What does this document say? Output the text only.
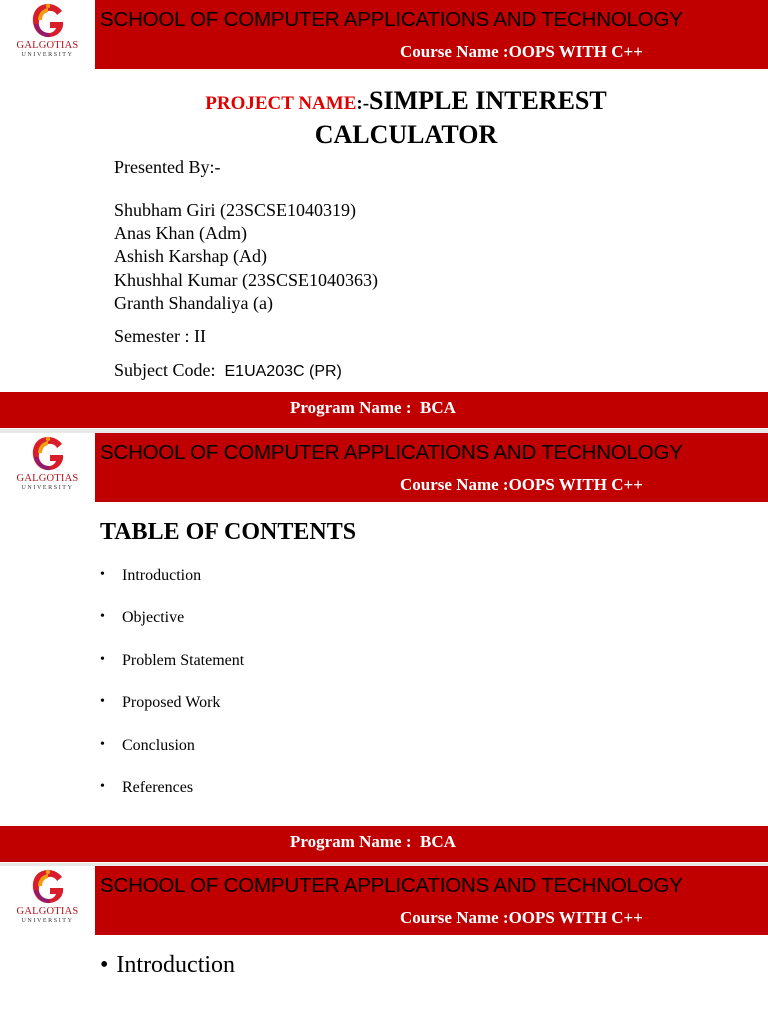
GALGOTIAS
UNIVERSITY
SCHOOL OF COMPUTER APPLICATIONS AND TECHNOLOGY
Course Name :OOPS WITH C++
PROJECT NAME:-SIMPLE INTEREST
CALCULATOR
Presented By:-
Shubham Giri (23SCSE1040319)
Anas Khan (Adm)
Ashish Karshap (Ad)
Khushhal Kumar (23SCSE1040363)
Granth Shandaliya (a)
Semester : II
Subject Code:  E1UA203C (PR)
Program Name :  BCA
GALGOTIAS
UNIVERSITY
SCHOOL OF COMPUTER APPLICATIONS AND TECHNOLOGY
Course Name :OOPS WITH C++
TABLE OF CONTENTS
• Introduction
• Objective
• Problem Statement
• Proposed Work
• Conclusion
• References
Program Name :  BCA
GALGOTIAS
UNIVERSITY
SCHOOL OF COMPUTER APPLICATIONS AND TECHNOLOGY
Course Name :OOPS WITH C++
• Introduction
